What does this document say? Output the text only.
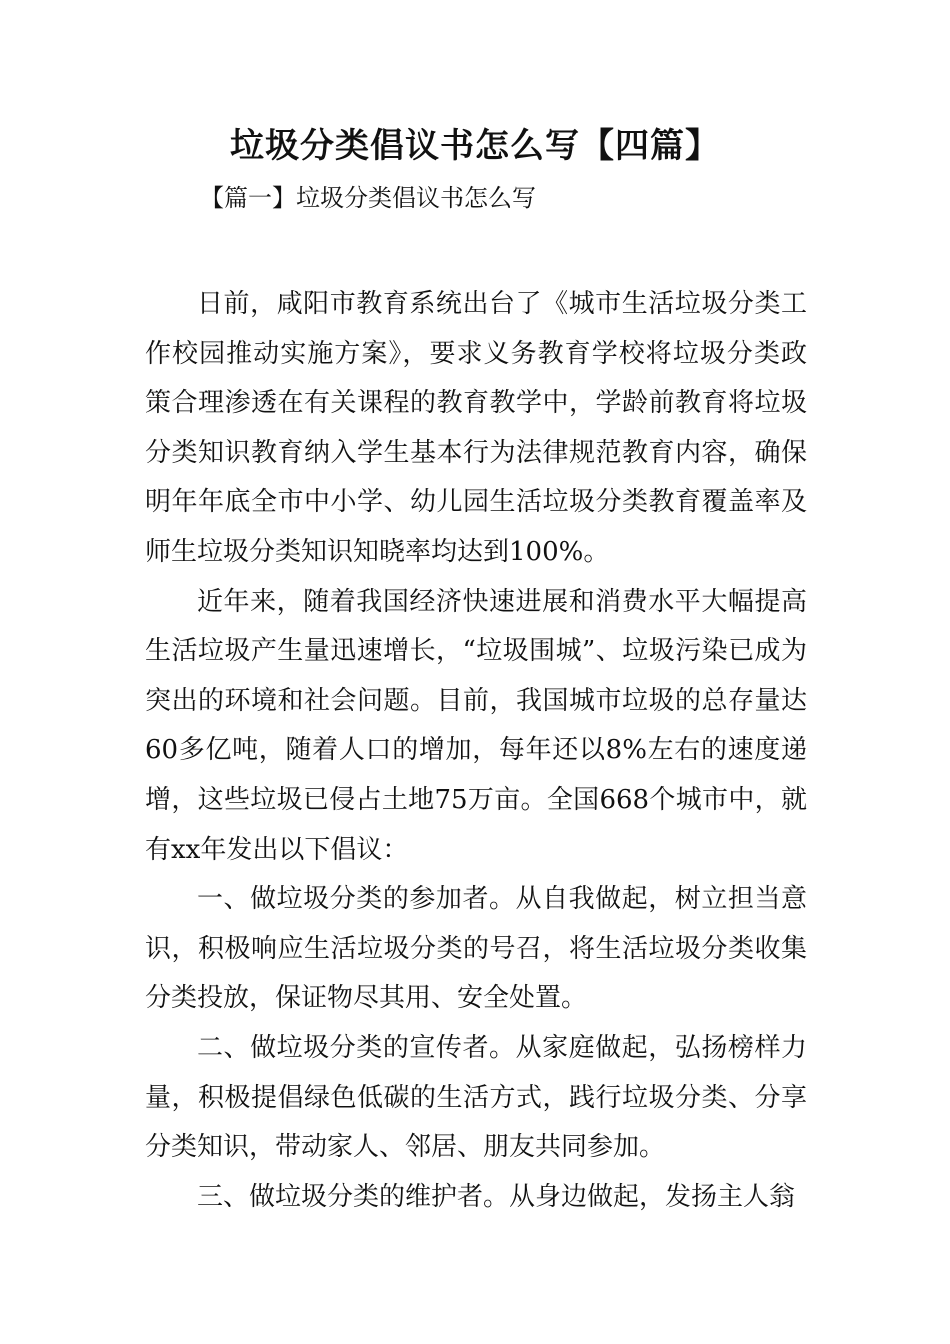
垃圾分类倡议书怎么写【四篇】
【篇一】垃圾分类倡议书怎么写

日前，咸阳市教育系统出台了《城市生活垃圾分类工作校园推动实施方案》，要求义务教育学校将垃圾分类政策合理渗透在有关课程的教育教学中，学龄前教育将垃圾分类知识教育纳入学生基本行为法律规范教育内容，确保明年年底全市中小学、幼儿园生活垃圾分类教育覆盖率及师生垃圾分类知识知晓率均达到100%。

近年来，随着我国经济快速进展和消费水平大幅提高生活垃圾产生量迅速增长，“垃圾围城”、垃圾污染已成为突出的环境和社会问题。目前，我国城市垃圾的总存量达60多亿吨，随着人口的增加，每年还以8%左右的速度递增，这些垃圾已侵占土地75万亩。全国668个城市中，就有xx年发出以下倡议：

一、做垃圾分类的参加者。从自我做起，树立担当意识，积极响应生活垃圾分类的号召，将生活垃圾分类收集分类投放，保证物尽其用、安全处置。

二、做垃圾分类的宣传者。从家庭做起，弘扬榜样力量，积极提倡绿色低碳的生活方式，践行垃圾分类、分享分类知识，带动家人、邻居、朋友共同参加。

三、做垃圾分类的维护者。从身边做起，发扬主人翁
